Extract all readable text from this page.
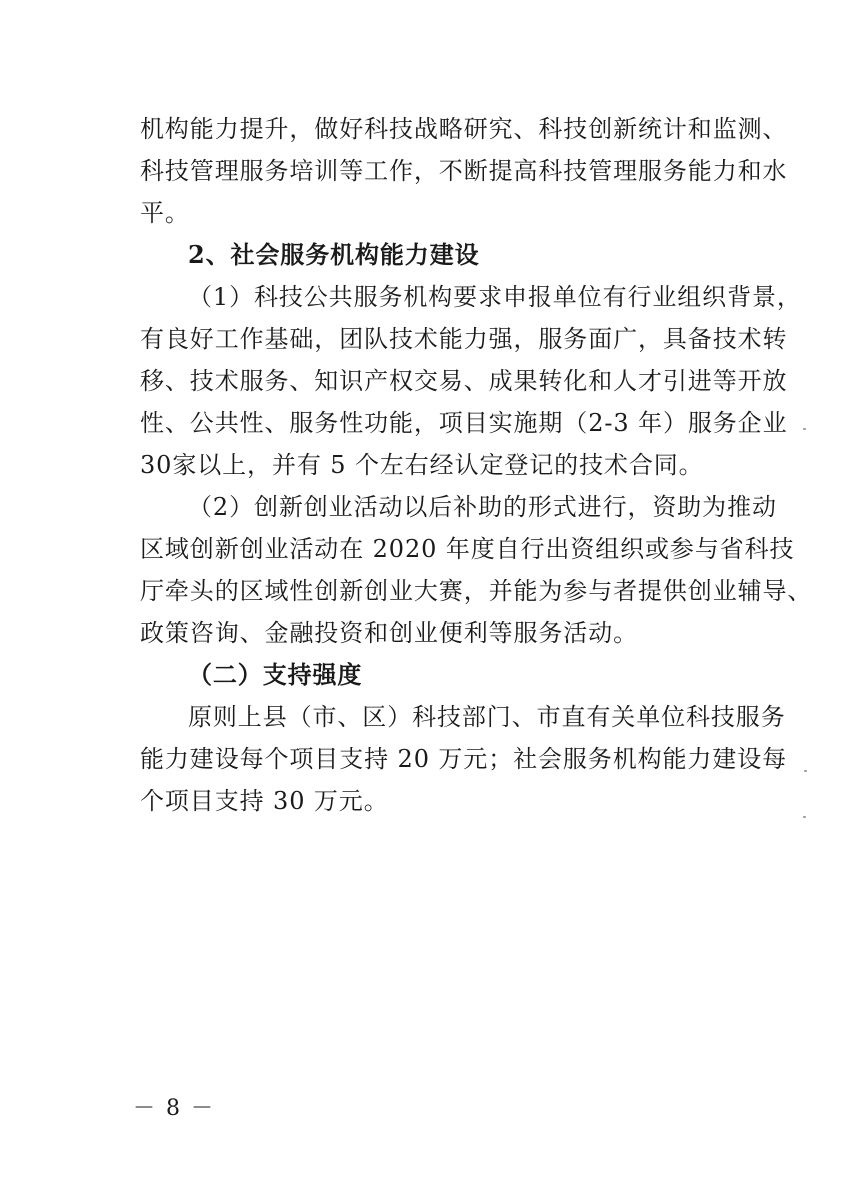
机构能力提升，做好科技战略研究、科技创新统计和监测、
科技管理服务培训等工作，不断提高科技管理服务能力和水
平。
2、社会服务机构能力建设
（1）科技公共服务机构要求申报单位有行业组织背景，
有良好工作基础，团队技术能力强，服务面广，具备技术转
移、技术服务、知识产权交易、成果转化和人才引进等开放
性、公共性、服务性功能，项目实施期（2-3 年）服务企业
30家以上，并有 5 个左右经认定登记的技术合同。
（2）创新创业活动以后补助的形式进行，资助为推动
区域创新创业活动在 2020 年度自行出资组织或参与省科技
厅牵头的区域性创新创业大赛，并能为参与者提供创业辅导、
政策咨询、金融投资和创业便利等服务活动。
（二）支持强度
原则上县（市、区）科技部门、市直有关单位科技服务
能力建设每个项目支持 20 万元；社会服务机构能力建设每
个项目支持 30 万元。
－ 8 －
